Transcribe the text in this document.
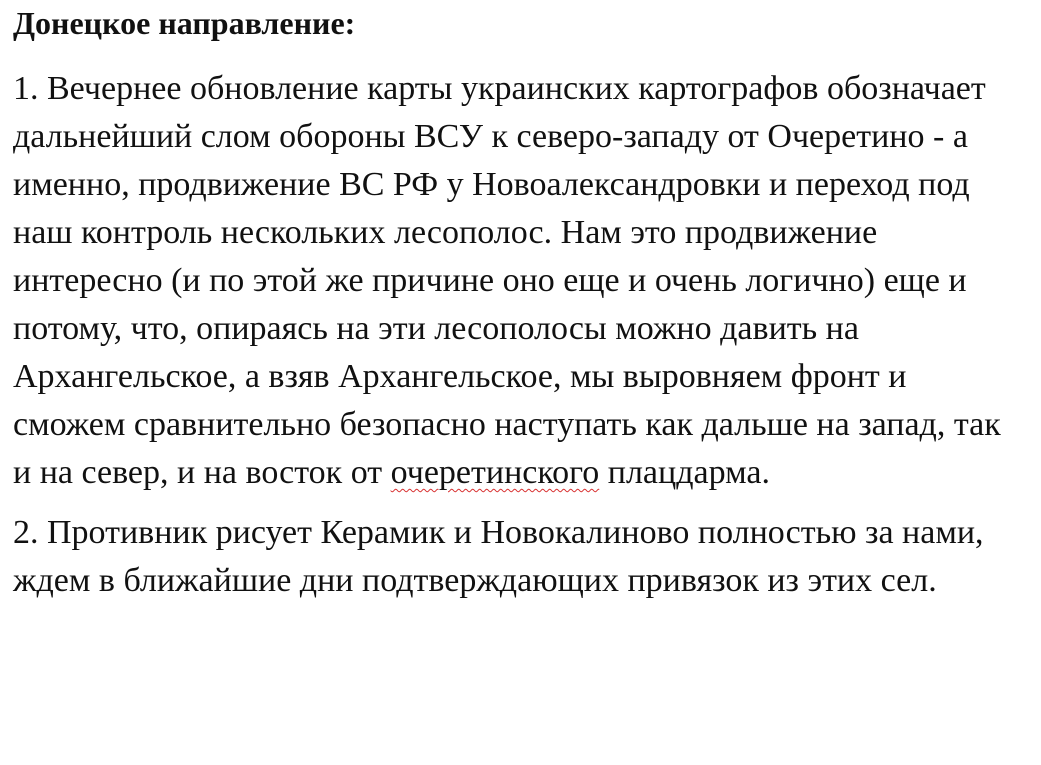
Донецкое направление:

1. Вечернее обновление карты украинских картографов обозначает дальнейший слом обороны ВСУ к северо-западу от Очеретино - а именно, продвижение ВС РФ у Новоалександровки и переход под наш контроль нескольких лесополос. Нам это продвижение интересно (и по этой же причине оно еще и очень логично) еще и потому, что, опираясь на эти лесополосы можно давить на Архангельское, а взяв Архангельское, мы выровняем фронт и сможем сравнительно безопасно наступать как дальше на запад, так и на север, и на восток от очеретинского плацдарма.

2. Противник рисует Керамик и Новокалиново полностью за нами, ждем в ближайшие дни подтверждающих привязок из этих сел.
